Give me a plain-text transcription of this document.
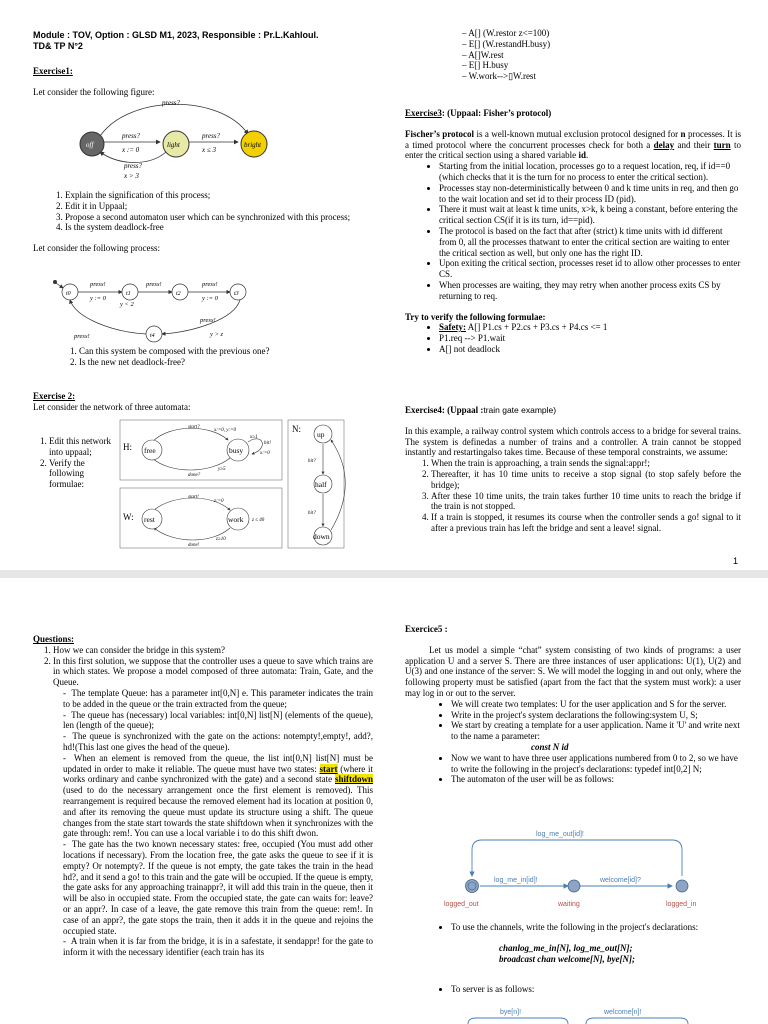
Module : TOV, Option : GLSD M1, 2023, Responsible : Pr.L.Kahloul.

TD& TP N°2

Exercise1:

Let consider the following figure:

press?
press?
x := 0
press?
x ≤ 3
press?
x > 3
off	light	bright
1. Explain the signification of this process;
2. Edit it in Uppaal;
3. Propose a second automaton user which can be synchronized with this process;
4. Is the system deadlock-free

Let consider the following process:

press!
y := 0
press!
y < 2
press!
y := 0
press!
y > z
press!
t0	t1	t2	t3
t4
1. Can this system be composed with the previous one?
2. Is the new net deadlock-free?

Exercise 2:

Let consider the network of three automata:

1. Edit this network into uppaal;
2. Verify the following formulae:
H:
start?
x:=0, y:=0
done?
y≥5
x≥1
hit!
x:=0
free	busy
W:
start!
z:=0
done!
z≥10
z ≤ 40
rest	work
N:
hit?
hit?
up
half
down

– A[] (W.restor z<=100)

– E[] (W.restandH.busy)

– A[]W.rest

– E[] H.busy

– W.work-->▯W.rest

Exercise3: (Uppaal: Fisher’s protocol)

Fischer’s protocol is a well-known mutual exclusion protocol designed for n processes. It is a timed protocol where the concurrent processes check for both a delay and their turn to enter the critical section using a shared variable id.

• Starting from the initial location, processes go to a request location, req, if id==0 (which checks that it is the turn for no process to enter the critical section).
• Processes stay non-deterministically between 0 and k time units in req, and then go to the wait location and set id to their process ID (pid).
• There it must wait at least k time units, x>k, k being a constant, before entering the critical section CS(if it is its turn, id==pid).
• The protocol is based on the fact that after (strict) k time units with id different from 0, all the processes thatwant to enter the critical section are waiting to enter the critical section as well, but only one has the right ID.
• Upon exiting the critical section, processes reset id to allow other processes to enter CS.
• When processes are waiting, they may retry when another process exits CS by returning to req.

Try to verify the following formulae:

• Safety: A[] P1.cs + P2.cs + P3.cs + P4.cs <= 1
• P1.req --> P1.wait
• A[] not deadlock

Exercise4: (Uppaal :train gate example)

In this example, a railway control system which controls access to a bridge for several trains. The system is definedas a number of trains and a controller. A train cannot be stopped instantly and restartingalso takes time. Because of these temporal constraints, we assume:

1. When the train is approaching, a train sends the signal:appr!;
2. Thereafter, it has 10 time units to receive a stop signal (to stop safely before the bridge);
3. After these 10 time units, the train takes further 10 time units to reach the bridge if the train is not stopped.
4. If a train is stopped, it resumes its course when the controller sends a go! signal to it after a previous train has left the bridge and sent a leave! signal.
1

Questions:

1. How we can consider the bridge in this system?
2. In this first solution, we suppose that the controller uses a queue to save which trains are in which states. We propose a model composed of three automata: Train, Gate, and the Queue.
-  The template Queue: has a parameter int[0,N] e. This parameter indicates the train to be added in the queue or the train extracted from the queue;
-  The queue has (necessary) local variables: int[0,N] list[N] (elements of the queue), len (length of the queue);
-  The queue is synchronized with the gate on the actions: notempty!,empty!, add?, hd!(This last one gives the head of the queue).
-  When an element is removed from the queue, the list int[0,N] list[N] must be updated in order to make it reliable. The queue must have two states: start (where it works ordinary and canbe synchronized with the gate) and a second state shiftdown (used to do the necessary arrangement once the first element is removed). This rearrangement is required because the removed element had its location at position 0, and after its removing the queue must update its structure using a shift. The queue changes from the state start towards the state shiftdown when it synchronizes with the gate through: rem!. You can use a local variable i to do this shift dwon.
-  The gate has the two known necessary states: free, occupied (You must add other locations if necessary). From the location free, the gate asks the queue to see if it is empty? Or notempty?. If the queue is not empty, the gate takes the train in the head hd?, and it send a go! to this train and the gate will be occupied. If the queue is empty, the gate asks for any approaching trainappr?, it will add this train in the queue, then it will be also in occupied state. From the occupied state, the gate can waits for: leave? or an appr?. In case of a leave, the gate remove this train from the queue: rem!. In case of an appr?, the gate stops the train, then it adds it in the queue and rejoins the occupied state.
-  A train when it is far from the bridge, it is in a safestate, it sendappr! for the gate to inform it with the necessary identifier (each train has its

Exercice5 :

Let us model a simple “chat” system consisting of two kinds of programs: a user application U and a server S. There are three instances of user applications: U(1), U(2) and U(3) and one instance of the server: S. We will model the logging in and out only, where the following property must be satisfied (apart from the fact that the system must work): a user may log in or out to the server.

• We will create two templates: U for the user application and S for the server.
• Write in the project's system declarations the following:system U, S;
• We start by creating a template for a user application. Name it 'U' and write next to the name a parameter:
const N id
• Now we want to have three user applications numbered from 0 to 2, so we have to write the following in the project's declarations: typedef int[0,2] N;
• The automaton of the user will be as follows:
log_me_out[id]!
log_me_in[id]!	welcome[id]?
logged_out	waiting	logged_in
• To use the channels, write the following in the project's declarations:

chanlog_me_in[N], log_me_out[N];

broadcast chan welcome[N], bye[N];

• To server is as follows:
bye[n]!	welcome[n]!
